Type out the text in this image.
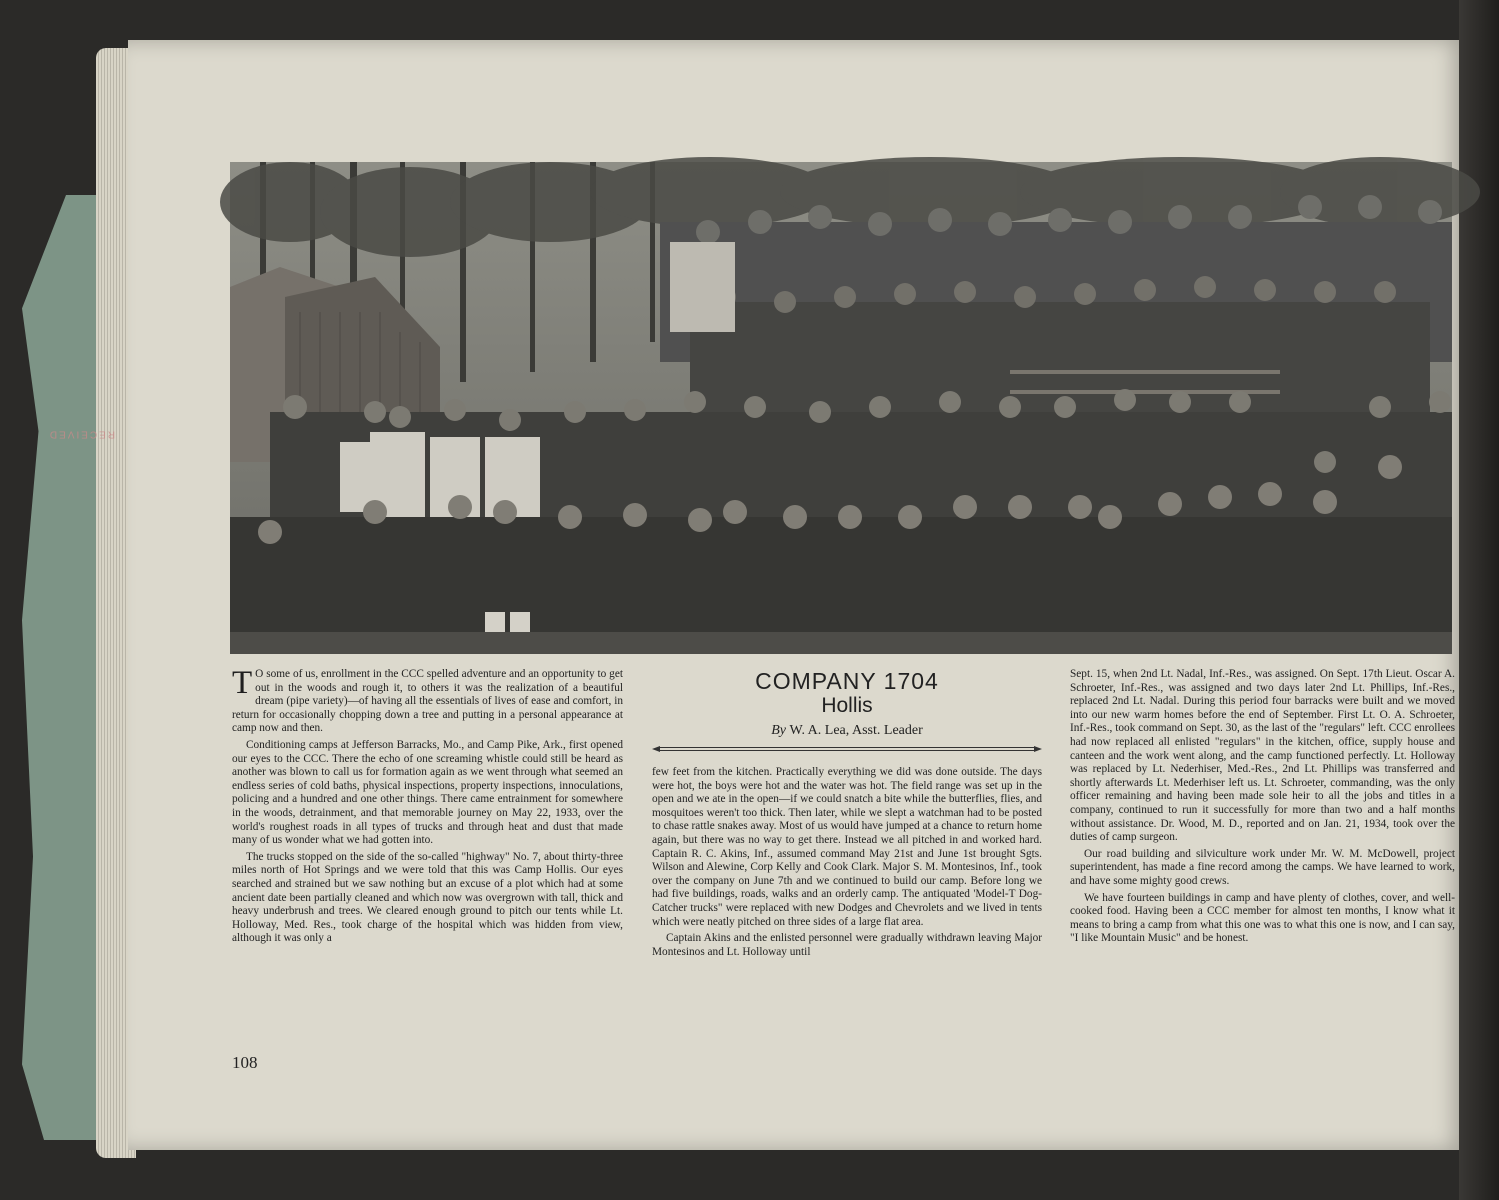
RECEIVED
COMPANY 1704
Hollis
By W. A. Lea, Asst. Leader

T O some of us, enrollment in the CCC spelled adventure and an opportunity to get out in the woods and rough it, to others it was the realization of a beautiful dream (pipe variety)—of having all the essentials of lives of ease and comfort, in return for occasionally chopping down a tree and putting in a personal appearance at camp now and then.

Conditioning camps at Jefferson Barracks, Mo., and Camp Pike, Ark., first opened our eyes to the CCC. There the echo of one screaming whistle could still be heard as another was blown to call us for formation again as we went through what seemed an endless series of cold baths, physical inspections, property inspections, innoculations, policing and a hundred and one other things. There came entrainment for somewhere in the woods, detrainment, and that memorable journey on May 22, 1933, over the world's roughest roads in all types of trucks and through heat and dust that made many of us wonder what we had gotten into.

The trucks stopped on the side of the so-called "highway" No. 7, about thirty-three miles north of Hot Springs and we were told that this was Camp Hollis. Our eyes searched and strained but we saw nothing but an excuse of a plot which had at some ancient date been partially cleaned and which now was overgrown with tall, thick and heavy underbrush and trees. We cleared enough ground to pitch our tents while Lt. Holloway, Med. Res., took charge of the hospital which was hidden from view, although it was only a

few feet from the kitchen. Practically everything we did was done outside. The days were hot, the boys were hot and the water was hot. The field range was set up in the open and we ate in the open—if we could snatch a bite while the butterflies, flies, and mosquitoes weren't too thick. Then later, while we slept a watchman had to be posted to chase rattle snakes away. Most of us would have jumped at a chance to return home again, but there was no way to get there. Instead we all pitched in and worked hard. Captain R. C. Akins, Inf., assumed command May 21st and June 1st brought Sgts. Wilson and Alewine, Corp Kelly and Cook Clark. Major S. M. Montesinos, Inf., took over the company on June 7th and we continued to build our camp. Before long we had five buildings, roads, walks and an orderly camp. The antiquated 'Model-T Dog-Catcher trucks" were replaced with new Dodges and Chevrolets and we lived in tents which were neatly pitched on three sides of a large flat area.

Captain Akins and the enlisted personnel were gradually withdrawn leaving Major Montesinos and Lt. Holloway until

Sept. 15, when 2nd Lt. Nadal, Inf.-Res., was assigned. On Sept. 17th Lieut. Oscar A. Schroeter, Inf.-Res., was assigned and two days later 2nd Lt. Phillips, Inf.-Res., replaced 2nd Lt. Nadal. During this period four barracks were built and we moved into our new warm homes before the end of September. First Lt. O. A. Schroeter, Inf.-Res., took command on Sept. 30, as the last of the "regulars" left. CCC enrollees had now replaced all enlisted "regulars" in the kitchen, office, supply house and canteen and the work went along, and the camp functioned perfectly. Lt. Holloway was replaced by Lt. Nederhiser, Med.-Res., 2nd Lt. Phillips was transferred and shortly afterwards Lt. Mederhiser left us. Lt. Schroeter, commanding, was the only officer remaining and having been made sole heir to all the jobs and titles in a company, continued to run it successfully for more than two and a half months without assistance. Dr. Wood, M. D., reported and on Jan. 21, 1934, took over the duties of camp surgeon.

Our road building and silviculture work under Mr. W. M. McDowell, project superintendent, has made a fine record among the camps. We have learned to work, and have some mighty good crews.

We have fourteen buildings in camp and have plenty of clothes, cover, and well-cooked food. Having been a CCC member for almost ten months, I know what it means to bring a camp from what this one was to what this one is now, and I can say, "I like Mountain Music" and be honest.

108
